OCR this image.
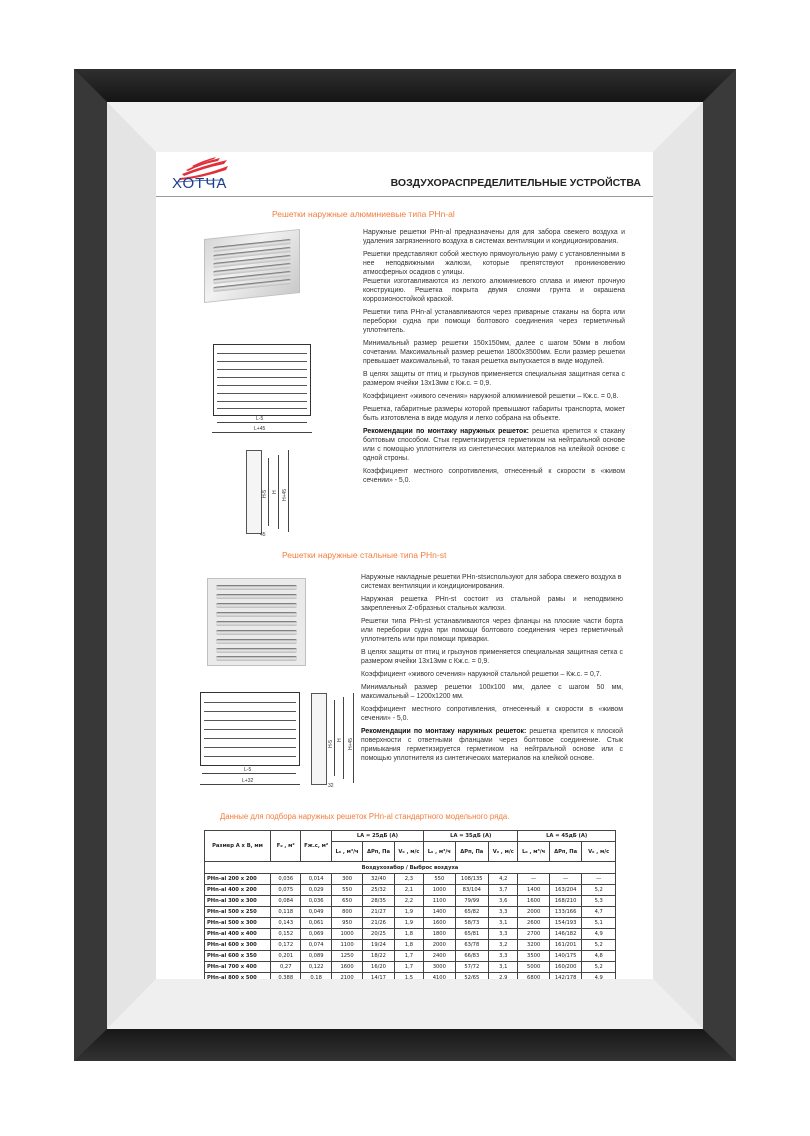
ХОТЧА	ВОЗДУХОРАСПРЕДЕЛИТЕЛЬНЫЕ УСТРОЙСТВА
Решетки наружные алюминиевые типа PHn-al
L-5
L+45
H-5 H H+45
45

Наружные решетки PHn-al предназначены для для забора свежего воздуха и удаления загрязненного воздуха в системах вентиляции и кондиционирования.

Решетки представляют собой жесткую прямоугольную раму с установленными в нее неподвижными жалюзи, которые препятствуют проникновению атмосферных осадков с улицы.

Решетки изготавливаются из легкого алюминиевого сплава и имеют прочную конструкцию. Решетка покрыта двумя слоями грунта и окрашена коррозионостойкой краской.

Решетки типа PHn-al устанавливаются через приварные стаканы на борта или переборки судна при помощи болтового соединения через герметичный уплотнитель.

Минимальный размер решетки 150x150мм, далее с шагом 50мм в любом сочетании. Максимальный размер решетки 1800x3500мм. Если размер решетки превышает максимальный, то такая решетка выпускается в виде модулей.

В целях защиты от птиц и грызунов применяется специальная защитная сетка с размером ячейки 13x13мм с Кж.с. = 0,9.

Коэффициент «живого сечения» наружной алюминиевой решетки – Кж.с. = 0,8.

Решетка, габаритные размеры которой превышают габариты транспорта, может быть изготовлена в виде модуля и легко собрана на объекте.

Рекомендации по монтажу наружных решеток: решетка крепится к стакану болтовым способом. Стык герметизируется герметиком на нейтральной основе или с помощью уплотнителя из синтетических материалов на клейкой основе с одной строны.

Коэффициент местного сопротивления, отнесенный к скорости в «живом сечении» - 5,0.

Решетки наружные стальные типа PHn-st
L-5
L+32
H-5 H H+45
32

Наружные накладные решетки PHn-stsиспользуют для забора свежего воздуха в системах вентиляции и кондиционирования.

Наружная решетка PHn-st состоит из стальной рамы и неподвижно закрепленных Z-образных стальных жалюзи.

Решетки типа PHn-st устанавливаются через фланцы на плоские части борта или переборки судна при помощи болтового соединения через герметичный уплотнитель или при помощи приварки.

В целях защиты от птиц и грызунов применяется специальная защитная сетка с размером ячейки 13x13мм с Кж.с. = 0,9.

Коэффициент «живого сечения» наружной стальной решетки – Кж.с. = 0,7.

Минимальный размер решетки 100x100 мм, далее с шагом 50 мм, максимальный – 1200x1200 мм.

Коэффициент местного сопротивления, отнесенный к скорости в «живом сечении» - 5,0.

Рекомендации по монтажу наружных решеток: решетка крепится к плоской поверхности с ответными фланцами через болтовое соединение. Стык примыкания герметизируется герметиком на нейтральной основе или с помощью уплотнителя из синтетических материалов на клейкой основе.

Данные для подбора наружных решеток PHn-al стандартного модельного ряда.
Размер А x В, мм	F₀ , м²	Fж.с, м²	LA = 25дБ (А)			LA = 35дБ (А)			LA = 45дБ (А)		
			L₀ , м³/ч	ΔPп, Па	V₀ , м/с	L₀ , м³/ч	ΔPп, Па	V₀ , м/с	L₀ , м³/ч	ΔPп, Па	V₀ , м/с
Воздухозабор / Выброс воздуха											
PHn-al 200 x 200	0,036	0,014	300	32/40	2,3	550	108/135	4,2	—	—	—
PHn-al 400 x 200	0,075	0,029	550	25/32	2,1	1000	83/104	3,7	1400	163/204	5,2
PHn-al 300 x 300	0,084	0,036	650	28/35	2,2	1100	79/99	3,6	1600	168/210	5,3
PHn-al 500 x 250	0,118	0,049	800	21/27	1,9	1400	65/82	3,3	2000	133/166	4,7
PHn-al 500 x 300	0,143	0,061	950	21/26	1,9	1600	58/73	3,1	2600	154/193	5,1
PHn-al 400 x 400	0,152	0,069	1000	20/25	1,8	1800	65/81	3,3	2700	146/182	4,9
PHn-al 600 x 300	0,172	0,074	1100	19/24	1,8	2000	63/78	3,2	3200	161/201	5,2
PHn-al 600 x 350	0,201	0,089	1250	18/22	1,7	2400	66/83	3,3	3500	140/175	4,8
PHn-al 700 x 400	0,27	0,122	1600	16/20	1,7	3000	57/72	3,1	5000	160/200	5,2
PHn-al 800 x 500	0,388	0,18	2100	14/17	1,5	4100	52/65	2,9	6800	142/178	4,9
